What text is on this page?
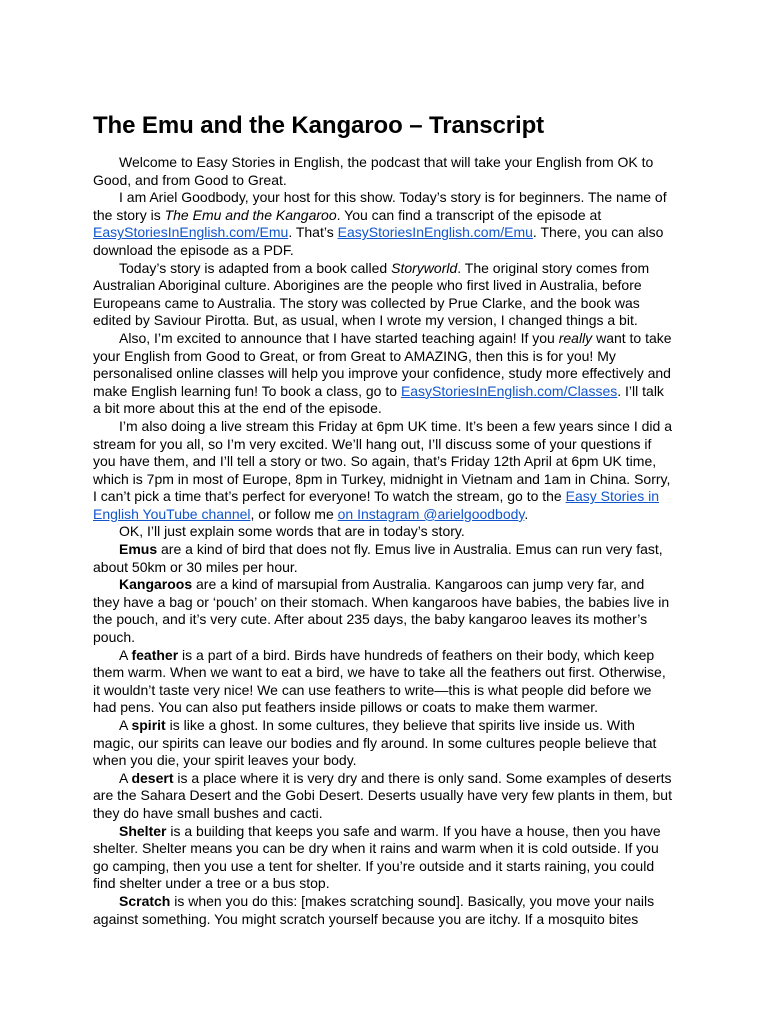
The Emu and the Kangaroo – Transcript

Welcome to Easy Stories in English, the podcast that will take your English from OK to Good, and from Good to Great.

I am Ariel Goodbody, your host for this show. Today’s story is for beginners. The name of the story is The Emu and the Kangaroo. You can find a transcript of the episode at EasyStoriesInEnglish.com/Emu. That’s EasyStoriesInEnglish.com/Emu. There, you can also download the episode as a PDF.

Today’s story is adapted from a book called Storyworld. The original story comes from Australian Aboriginal culture. Aborigines are the people who first lived in Australia, before Europeans came to Australia. The story was collected by Prue Clarke, and the book was edited by Saviour Pirotta. But, as usual, when I wrote my version, I changed things a bit.

Also, I’m excited to announce that I have started teaching again! If you really want to take your English from Good to Great, or from Great to AMAZING, then this is for you! My personalised online classes will help you improve your confidence, study more effectively and make English learning fun! To book a class, go to EasyStoriesInEnglish.com/Classes. I’ll talk a bit more about this at the end of the episode.

I’m also doing a live stream this Friday at 6pm UK time. It’s been a few years since I did a stream for you all, so I’m very excited. We’ll hang out, I’ll discuss some of your questions if you have them, and I’ll tell a story or two. So again, that’s Friday 12th April at 6pm UK time, which is 7pm in most of Europe, 8pm in Turkey, midnight in Vietnam and 1am in China. Sorry, I can’t pick a time that’s perfect for everyone! To watch the stream, go to the Easy Stories in English YouTube channel, or follow me on Instagram @arielgoodbody.

OK, I’ll just explain some words that are in today’s story.

Emus are a kind of bird that does not fly. Emus live in Australia. Emus can run very fast, about 50km or 30 miles per hour.

Kangaroos are a kind of marsupial from Australia. Kangaroos can jump very far, and they have a bag or ‘pouch’ on their stomach. When kangaroos have babies, the babies live in the pouch, and it’s very cute. After about 235 days, the baby kangaroo leaves its mother’s pouch.

A feather is a part of a bird. Birds have hundreds of feathers on their body, which keep them warm. When we want to eat a bird, we have to take all the feathers out first. Otherwise, it wouldn’t taste very nice! We can use feathers to write—this is what people did before we had pens. You can also put feathers inside pillows or coats to make them warmer.

A spirit is like a ghost. In some cultures, they believe that spirits live inside us. With magic, our spirits can leave our bodies and fly around. In some cultures people believe that when you die, your spirit leaves your body.

A desert is a place where it is very dry and there is only sand. Some examples of deserts are the Sahara Desert and the Gobi Desert. Deserts usually have very few plants in them, but they do have small bushes and cacti.

Shelter is a building that keeps you safe and warm. If you have a house, then you have shelter. Shelter means you can be dry when it rains and warm when it is cold outside. If you go camping, then you use a tent for shelter. If you’re outside and it starts raining, you could find shelter under a tree or a bus stop.

Scratch is when you do this: [makes scratching sound]. Basically, you move your nails against something. You might scratch yourself because you are itchy. If a mosquito bites
